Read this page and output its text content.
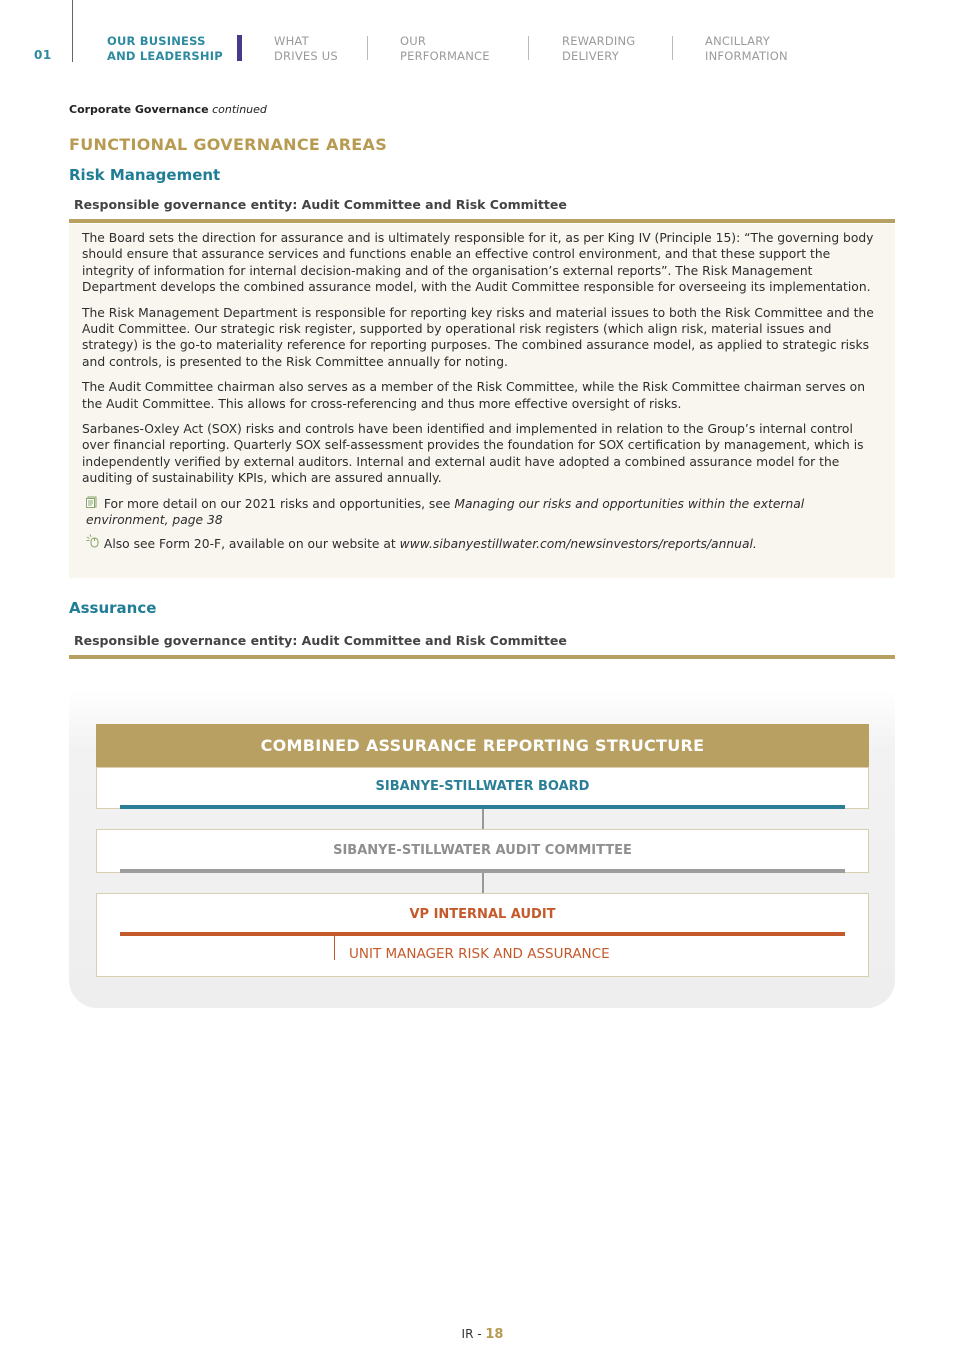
01
OUR BUSINESS
AND LEADERSHIP
WHAT
DRIVES US
OUR
PERFORMANCE
REWARDING
DELIVERY
ANCILLARY
INFORMATION
Corporate Governance continued
FUNCTIONAL GOVERNANCE AREAS
Risk Management
Responsible governance entity: Audit Committee and Risk Committee

The Board sets the direction for assurance and is ultimately responsible for it, as per King IV (Principle 15): “The governing body should ensure that assurance services and functions enable an effective control environment, and that these support the integrity of information for internal decision-making and of the organisation’s external reports”. The Risk Management Department develops the combined assurance model, with the Audit Committee responsible for overseeing its implementation.

The Risk Management Department is responsible for reporting key risks and material issues to both the Risk Committee and the Audit Committee. Our strategic risk register, supported by operational risk registers (which align risk, material issues and strategy) is the go-to materiality reference for reporting purposes. The combined assurance model, as applied to strategic risks and controls, is presented to the Risk Committee annually for noting.

The Audit Committee chairman also serves as a member of the Risk Committee, while the Risk Committee chairman serves on the Audit Committee. This allows for cross-referencing and thus more effective oversight of risks.

Sarbanes-Oxley Act (SOX) risks and controls have been identified and implemented in relation to the Group’s internal control over financial reporting. Quarterly SOX self-assessment provides the foundation for SOX certification by management, which is independently verified by external auditors. Internal and external audit have adopted a combined assurance model for the auditing of sustainability KPIs, which are assured annually.

For more detail on our 2021 risks and opportunities, see Managing our risks and opportunities within the external environment, page 38
Also see Form 20-F, available on our website at www.sibanyestillwater.com/newsinvestors/reports/annual.
Assurance
Responsible governance entity: Audit Committee and Risk Committee
COMBINED ASSURANCE REPORTING STRUCTURE
SIBANYE-STILLWATER BOARD
SIBANYE-STILLWATER AUDIT COMMITTEE
VP INTERNAL AUDIT
UNIT MANAGER RISK AND ASSURANCE
IR - 18
